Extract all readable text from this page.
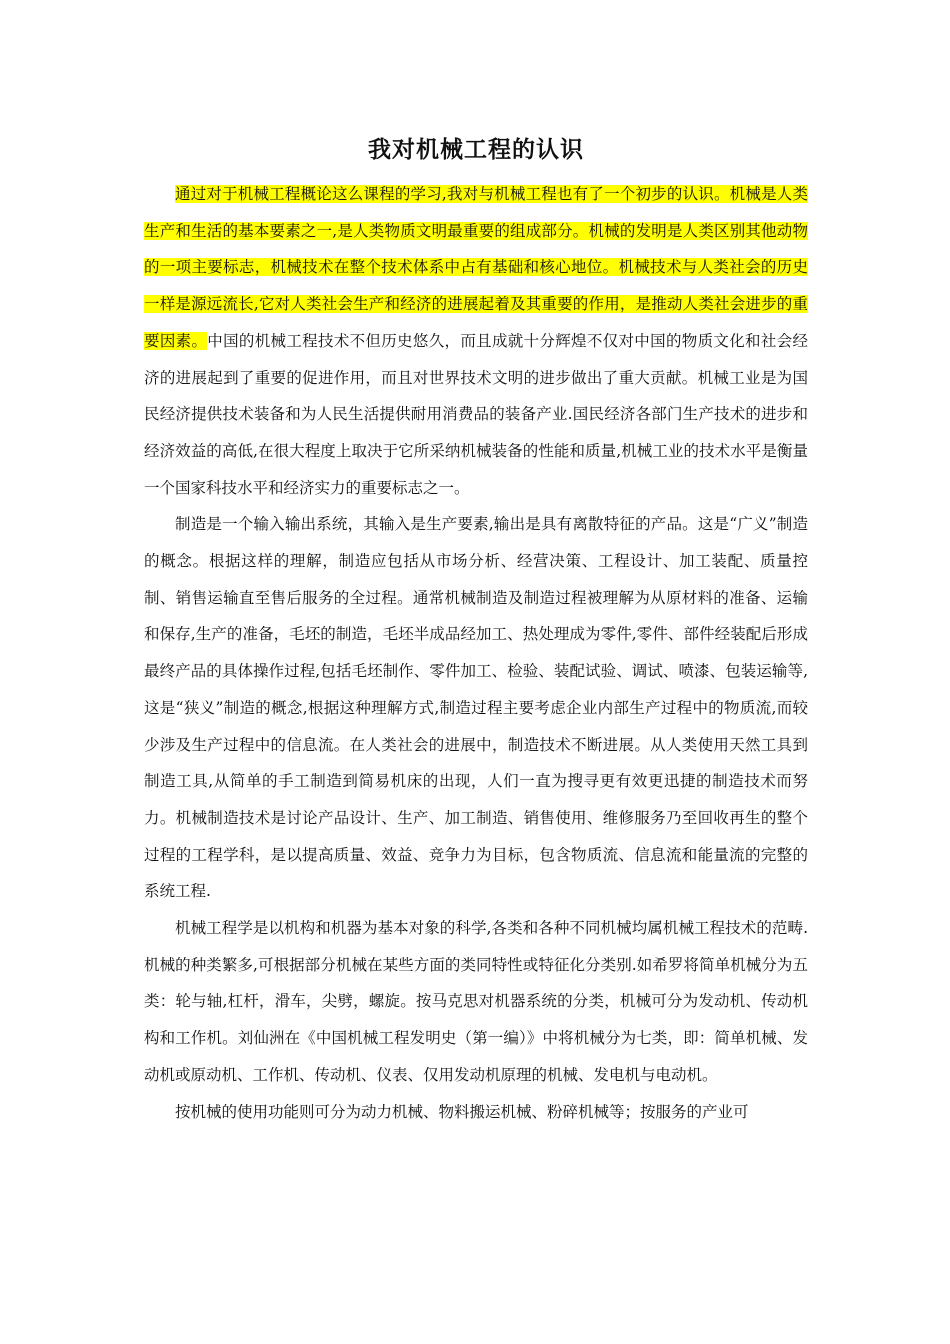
我对机械工程的认识

通过对于机械工程概论这么课程的学习,我对与机械工程也有了一个初步的认识。机械是人类生产和生活的基本要素之一,是人类物质文明最重要的组成部分。机械的发明是人类区别其他动物的一项主要标志，机械技术在整个技术体系中占有基础和核心地位。机械技术与人类社会的历史一样是源远流长,它对人类社会生产和经济的进展起着及其重要的作用，是推动人类社会进步的重要因素。中国的机械工程技术不但历史悠久，而且成就十分辉煌不仅对中国的物质文化和社会经济的进展起到了重要的促进作用，而且对世界技术文明的进步做出了重大贡献。机械工业是为国民经济提供技术装备和为人民生活提供耐用消费品的装备产业.国民经济各部门生产技术的进步和经济效益的高低,在很大程度上取决于它所采纳机械装备的性能和质量,机械工业的技术水平是衡量一个国家科技水平和经济实力的重要标志之一。

制造是一个输入输出系统，其输入是生产要素,输出是具有离散特征的产品。这是“广义”制造的概念。根据这样的理解，制造应包括从市场分析、经营决策、工程设计、加工装配、质量控制、销售运输直至售后服务的全过程。通常机械制造及制造过程被理解为从原材料的准备、运输和保存,生产的准备，毛坯的制造，毛坯半成品经加工、热处理成为零件,零件、部件经装配后形成最终产品的具体操作过程,包括毛坯制作、零件加工、检验、装配试验、调试、喷漆、包装运输等,这是“狭义”制造的概念,根据这种理解方式,制造过程主要考虑企业内部生产过程中的物质流,而较少涉及生产过程中的信息流。在人类社会的进展中，制造技术不断进展。从人类使用天然工具到制造工具,从简单的手工制造到简易机床的出现，人们一直为搜寻更有效更迅捷的制造技术而努力。机械制造技术是讨论产品设计、生产、加工制造、销售使用、维修服务乃至回收再生的整个过程的工程学科，是以提高质量、效益、竞争力为目标，包含物质流、信息流和能量流的完整的系统工程.

机械工程学是以机构和机器为基本对象的科学,各类和各种不同机械均属机械工程技术的范畴.机械的种类繁多,可根据部分机械在某些方面的类同特性或特征化分类别.如希罗将简单机械分为五类：轮与轴,杠杆，滑车，尖劈，螺旋。按马克思对机器系统的分类，机械可分为发动机、传动机构和工作机。刘仙洲在《中国机械工程发明史（第一编）》中将机械分为七类，即：简单机械、发动机或原动机、工作机、传动机、仪表、仅用发动机原理的机械、发电机与电动机。

按机械的使用功能则可分为动力机械、物料搬运机械、粉碎机械等；按服务的产业可
